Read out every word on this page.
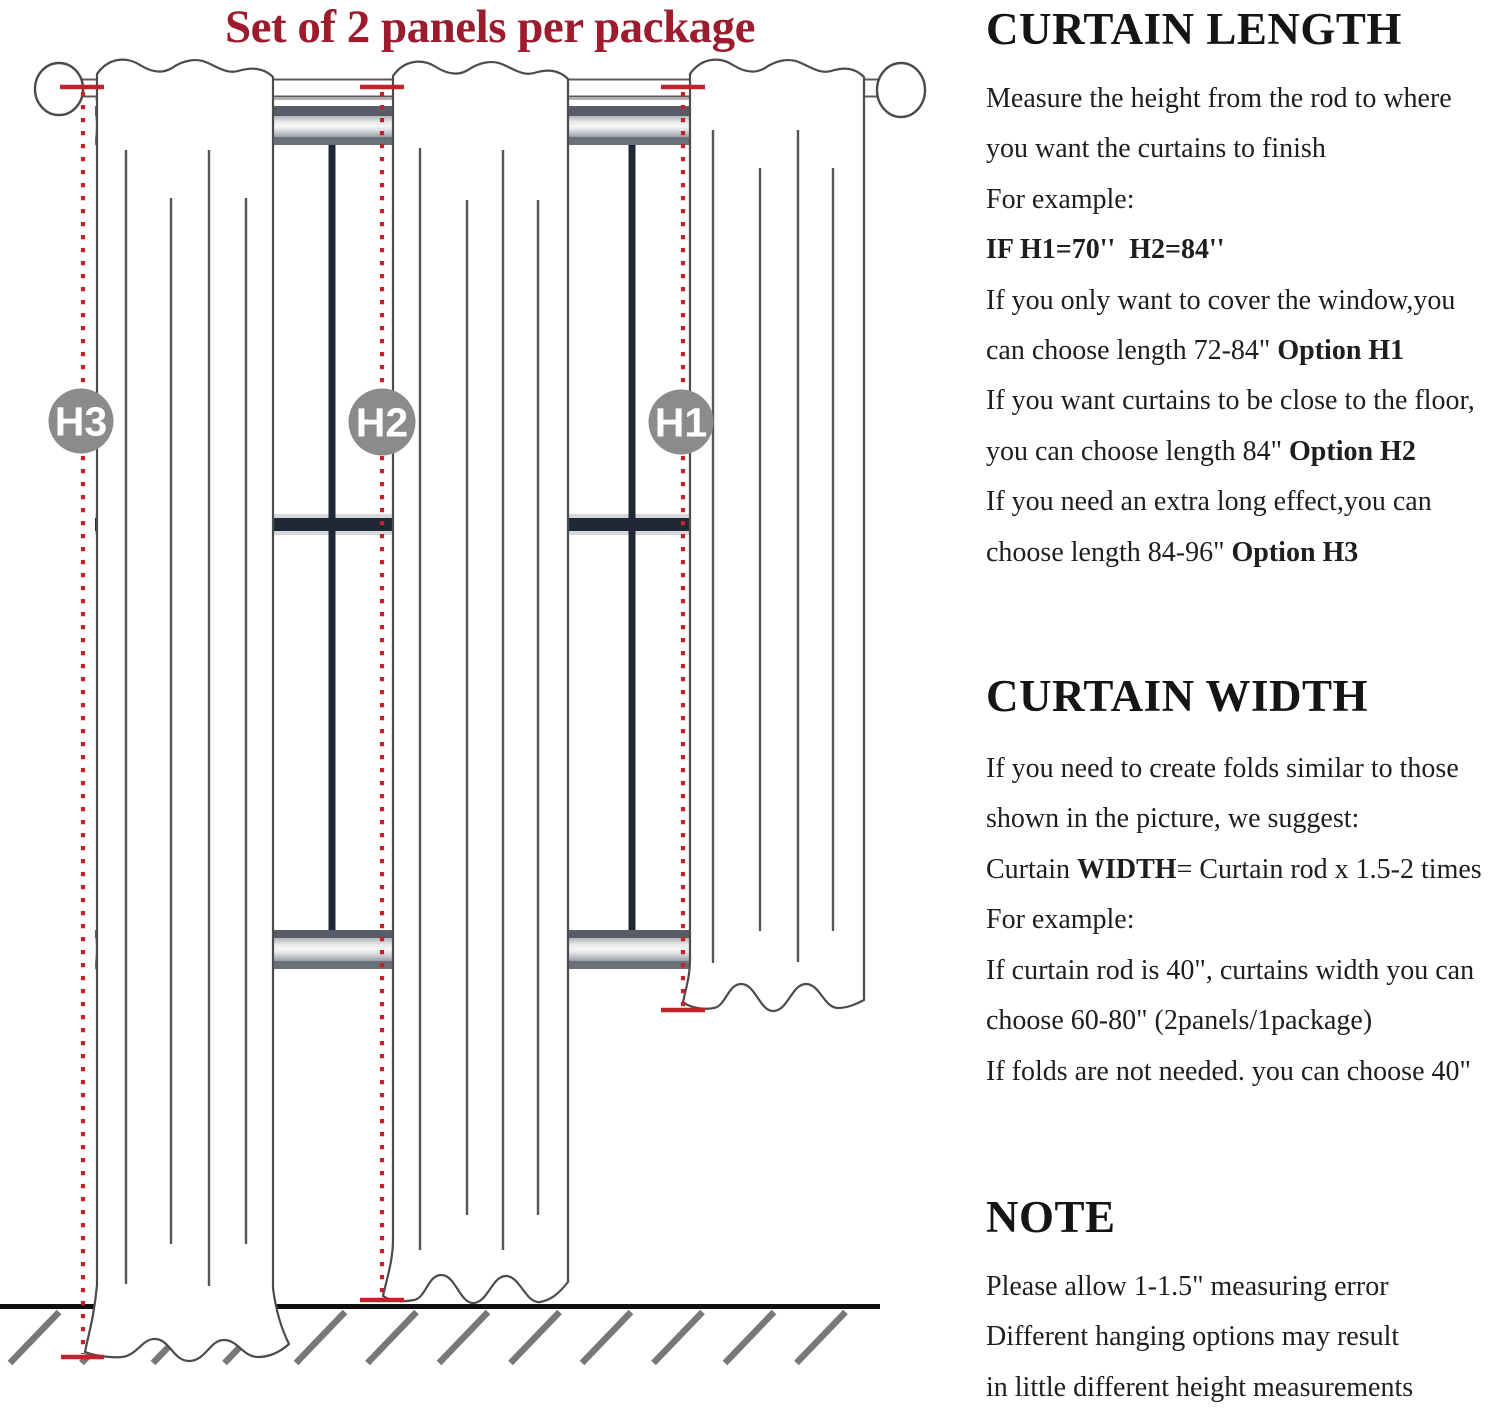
Set of 2 panels per package
H3	H2	H1
CURTAIN LENGTH
Measure the height from the rod to where
you want the curtains to finish
For example:
IF H1=70''  H2=84''
If you only want to cover the window,you
can choose length 72-84" Option H1
If you want curtains to be close to the floor,
you can choose length 84" Option H2
If you need an extra long effect,you can
choose length 84-96" Option H3
CURTAIN WIDTH
If you need to create folds similar to those
shown in the picture, we suggest:
Curtain WIDTH= Curtain rod x 1.5-2 times
For example:
If curtain rod is 40", curtains width you can
choose 60-80" (2panels/1package)
If folds are not needed. you can choose 40"
NOTE
Please allow 1-1.5" measuring error
Different hanging options may result
in little different height measurements
